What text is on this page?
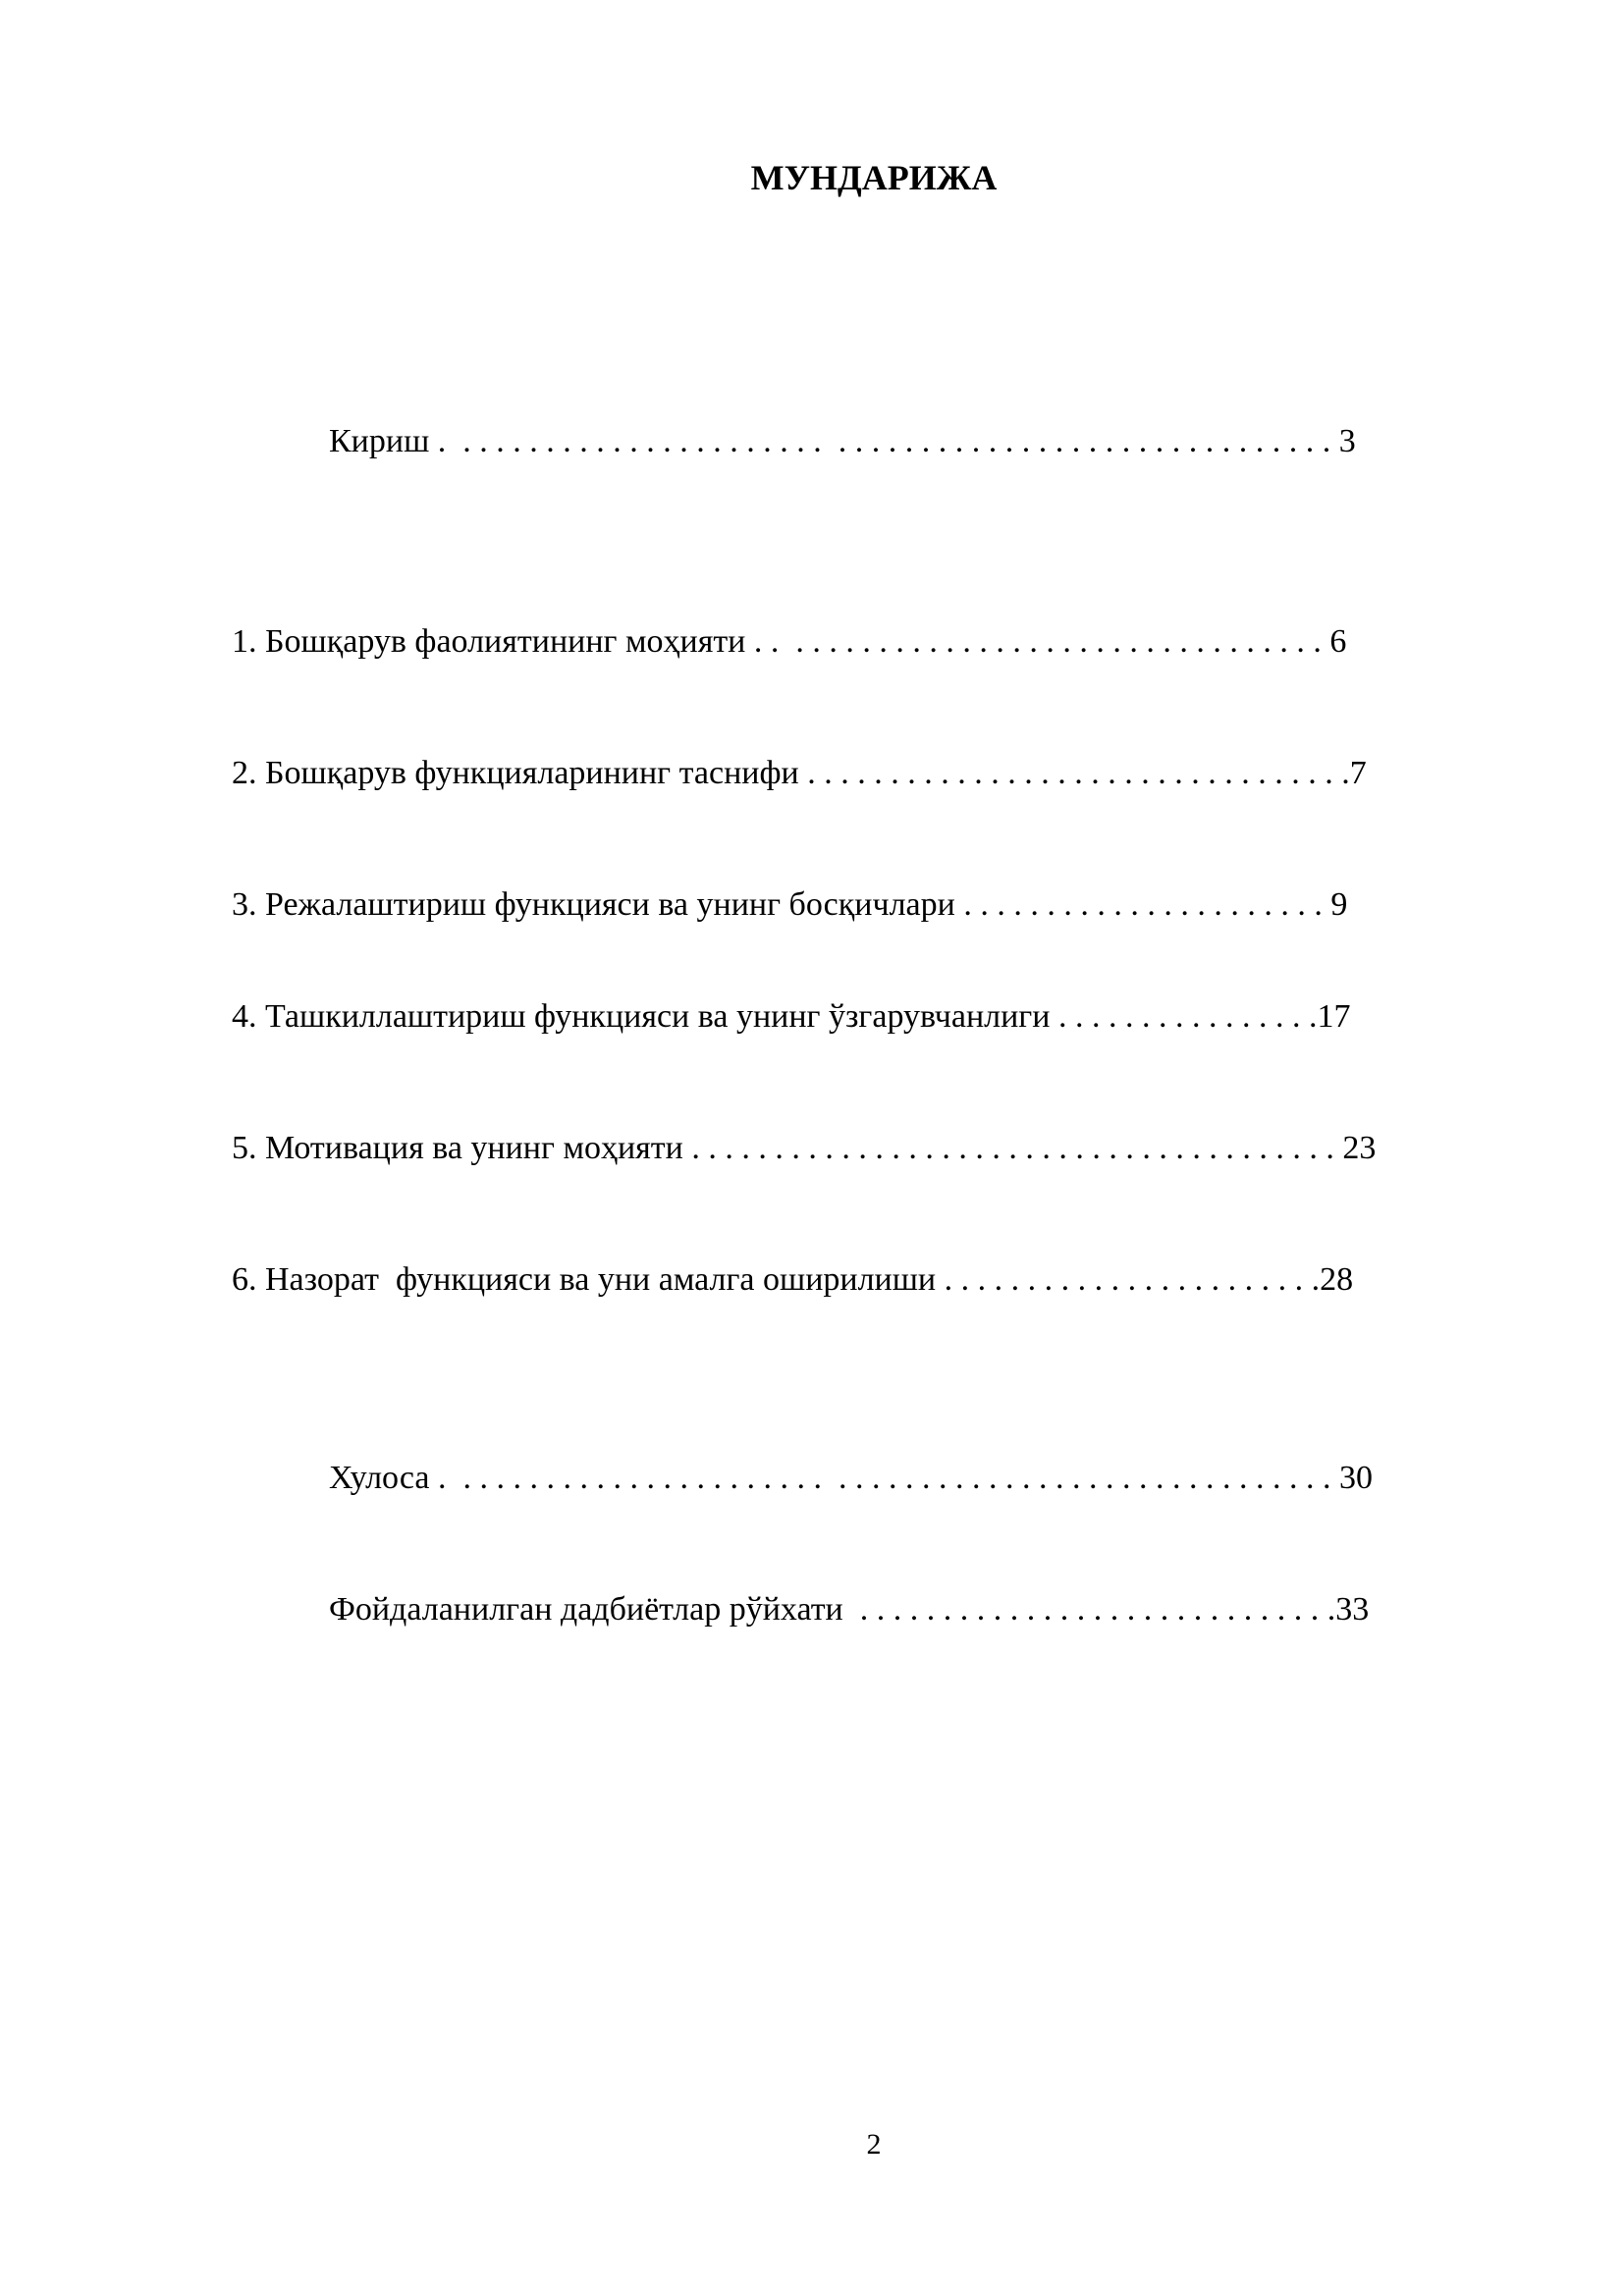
МУНДАРИЖА
Кириш .  . . . . . . . . . . . . . . . . . . . . . .  . . . . . . . . . . . . . . . . . . . . . . . . . . . . . . 3
1. Бошқарув фаолиятининг моҳияти . .  . . . . . . . . . . . . . . . . . . . . . . . . . . . . . . . . 6
2. Бошқарув функцияларининг таснифи . . . . . . . . . . . . . . . . . . . . . . . . . . . . . . . . .7
3. Режалаштириш функцияси ва унинг босқичлари . . . . . . . . . . . . . . . . . . . . . . 9
4. Ташкиллаштириш функцияси ва унинг ўзгарувчанлиги . . . . . . . . . . . . . . . .17
5. Мотивация ва унинг моҳияти . . . . . . . . . . . . . . . . . . . . . . . . . . . . . . . . . . . . . . . 23
6. Назорат  функцияси ва уни амалга оширилиши . . . . . . . . . . . . . . . . . . . . . . .28
Хулоса .  . . . . . . . . . . . . . . . . . . . . . .  . . . . . . . . . . . . . . . . . . . . . . . . . . . . . . 30
Фойдаланилган дадбиётлар рўйхати  . . . . . . . . . . . . . . . . . . . . . . . . . . . . .33
2
